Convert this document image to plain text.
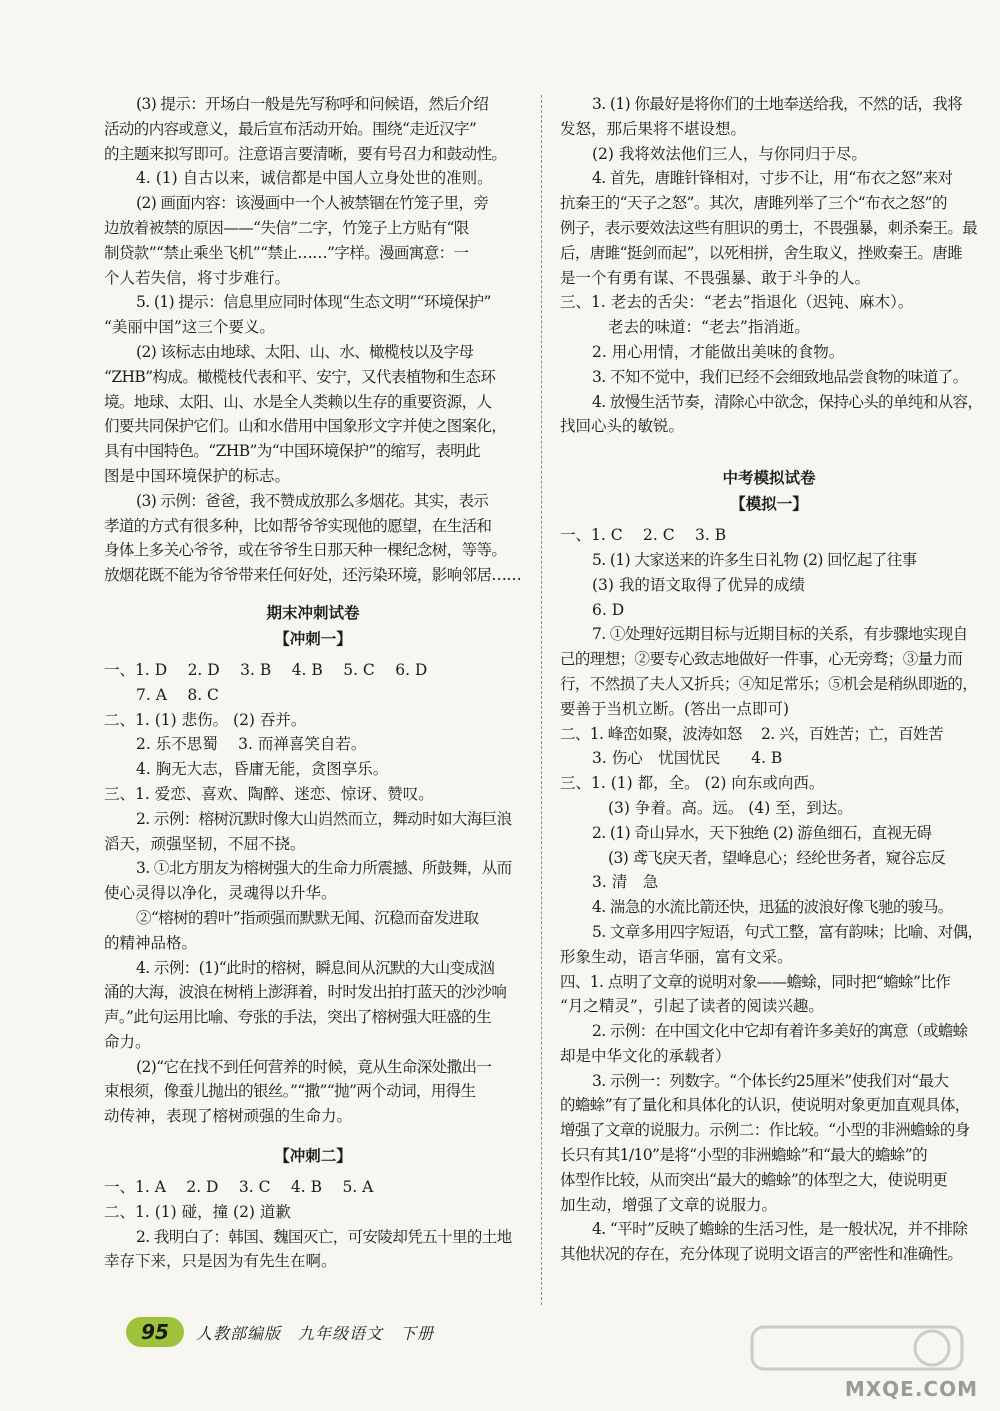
(3) 提示：开场白一般是先写称呼和问候语，然后介绍
活动的内容或意义，最后宣布活动开始。围绕“走近汉字”
的主题来拟写即可。注意语言要清晰，要有号召力和鼓动性。
4. (1) 自古以来，诚信都是中国人立身处世的准则。
(2) 画面内容：该漫画中一个人被禁锢在竹笼子里，旁
边放着被禁的原因——“失信”二字，竹笼子上方贴有“限
制贷款”“禁止乘坐飞机”“禁止……”字样。漫画寓意：一
个人若失信，将寸步难行。
5. (1) 提示：信息里应同时体现“生态文明”“环境保护”
“美丽中国”这三个要义。
(2) 该标志由地球、太阳、山、水、橄榄枝以及字母
“ZHB”构成。橄榄枝代表和平、安宁，又代表植物和生态环
境。地球、太阳、山、水是全人类赖以生存的重要资源，人
们要共同保护它们。山和水借用中国象形文字并使之图案化，
具有中国特色。“ZHB”为“中国环境保护”的缩写，表明此
图是中国环境保护的标志。
(3) 示例：爸爸，我不赞成放那么多烟花。其实，表示
孝道的方式有很多种，比如帮爷爷实现他的愿望，在生活和
身体上多关心爷爷，或在爷爷生日那天种一棵纪念树，等等。
放烟花既不能为爷爷带来任何好处，还污染环境，影响邻居……
期末冲刺试卷
【冲刺一】
一、1. D　 2. D　 3. B　 4. B　 5. C　 6. D
7. A　 8. C
二、1. (1) 悲伤。 (2) 吞并。
2. 乐不思蜀　 3. 而禅喜笑自若。
4. 胸无大志，昏庸无能，贪图享乐。
三、1. 爱恋、喜欢、陶醉、迷恋、惊讶、赞叹。
2. 示例：榕树沉默时像大山岿然而立，舞动时如大海巨浪
滔天，顽强坚韧，不屈不挠。
3. ①北方朋友为榕树强大的生命力所震撼、所鼓舞，从而
使心灵得以净化，灵魂得以升华。
②“榕树的碧叶”指顽强而默默无闻、沉稳而奋发进取
的精神品格。
4. 示例：(1)“此时的榕树，瞬息间从沉默的大山变成汹
涌的大海，波浪在树梢上澎湃着，时时发出拍打蓝天的沙沙响
声。”此句运用比喻、夸张的手法，突出了榕树强大旺盛的生
命力。
(2)“它在找不到任何营养的时候，竟从生命深处撒出一
束根须，像蚕儿抛出的银丝。”“撒”“抛”两个动词，用得生
动传神，表现了榕树顽强的生命力。
【冲刺二】
一、1. A　 2. D　 3. C　 4. B　 5. A
二、1. (1) 碰，撞 (2) 道歉
2. 我明白了：韩国、魏国灭亡，可安陵却凭五十里的土地
幸存下来，只是因为有先生在啊。
3. (1) 你最好是将你们的土地奉送给我，不然的话，我将
发怒，那后果将不堪设想。
(2) 我将效法他们三人，与你同归于尽。
4. 首先，唐雎针锋相对，寸步不让，用“布衣之怒”来对
抗秦王的“天子之怒”。其次，唐雎列举了三个“布衣之怒”的
例子，表示要效法这些有胆识的勇士，不畏强暴，刺杀秦王。最
后，唐雎“挺剑而起”，以死相拼，舍生取义，挫败秦王。唐雎
是一个有勇有谋、不畏强暴、敢于斗争的人。
三、1. 老去的舌尖：“老去”指退化（迟钝、麻木）。
老去的味道：“老去”指消逝。
2. 用心用情，才能做出美味的食物。
3. 不知不觉中，我们已经不会细致地品尝食物的味道了。
4. 放慢生活节奏，清除心中欲念，保持心头的单纯和从容，
找回心头的敏锐。
中考模拟试卷
【模拟一】
一、1. C　 2. C　 3. B
5. (1) 大家送来的许多生日礼物 (2) 回忆起了往事
(3) 我的语文取得了优异的成绩
6. D
7. ①处理好远期目标与近期目标的关系，有步骤地实现自
己的理想；②要专心致志地做好一件事，心无旁骛；③量力而
行，不然损了夫人又折兵；④知足常乐；⑤机会是稍纵即逝的，
要善于当机立断。(答出一点即可)
二、1. 峰峦如聚，波涛如怒　 2. 兴，百姓苦；亡，百姓苦
3. 伤心　忧国忧民　　4. B
三、1. (1) 都，全。 (2) 向东或向西。
(3) 争着。高。远。 (4) 至，到达。
2. (1) 奇山异水，天下独绝 (2) 游鱼细石，直视无碍
(3) 鸢飞戾天者，望峰息心；经纶世务者，窥谷忘反
3. 清　急
4. 湍急的水流比箭还快，迅猛的波浪好像飞驰的骏马。
5. 文章多用四字短语，句式工整，富有韵味；比喻、对偶，
形象生动，语言华丽，富有文采。
四、1. 点明了文章的说明对象——蟾蜍，同时把“蟾蜍”比作
“月之精灵”，引起了读者的阅读兴趣。
2. 示例：在中国文化中它却有着许多美好的寓意（或蟾蜍
却是中华文化的承载者）
3. 示例一：列数字。“个体长约25厘米”使我们对“最大
的蟾蜍”有了量化和具体化的认识，使说明对象更加直观具体，
增强了文章的说服力。示例二：作比较。“小型的非洲蟾蜍的身
长只有其1/10”是将“小型的非洲蟾蜍”和“最大的蟾蜍”的
体型作比较，从而突出“最大的蟾蜍”的体型之大，使说明更
加生动，增强了文章的说服力。
4. “平时”反映了蟾蜍的生活习性，是一般状况，并不排除
其他状况的存在，充分体现了说明文语言的严密性和准确性。
95	人教部编版　九年级语文　下册
MXQE.COM
